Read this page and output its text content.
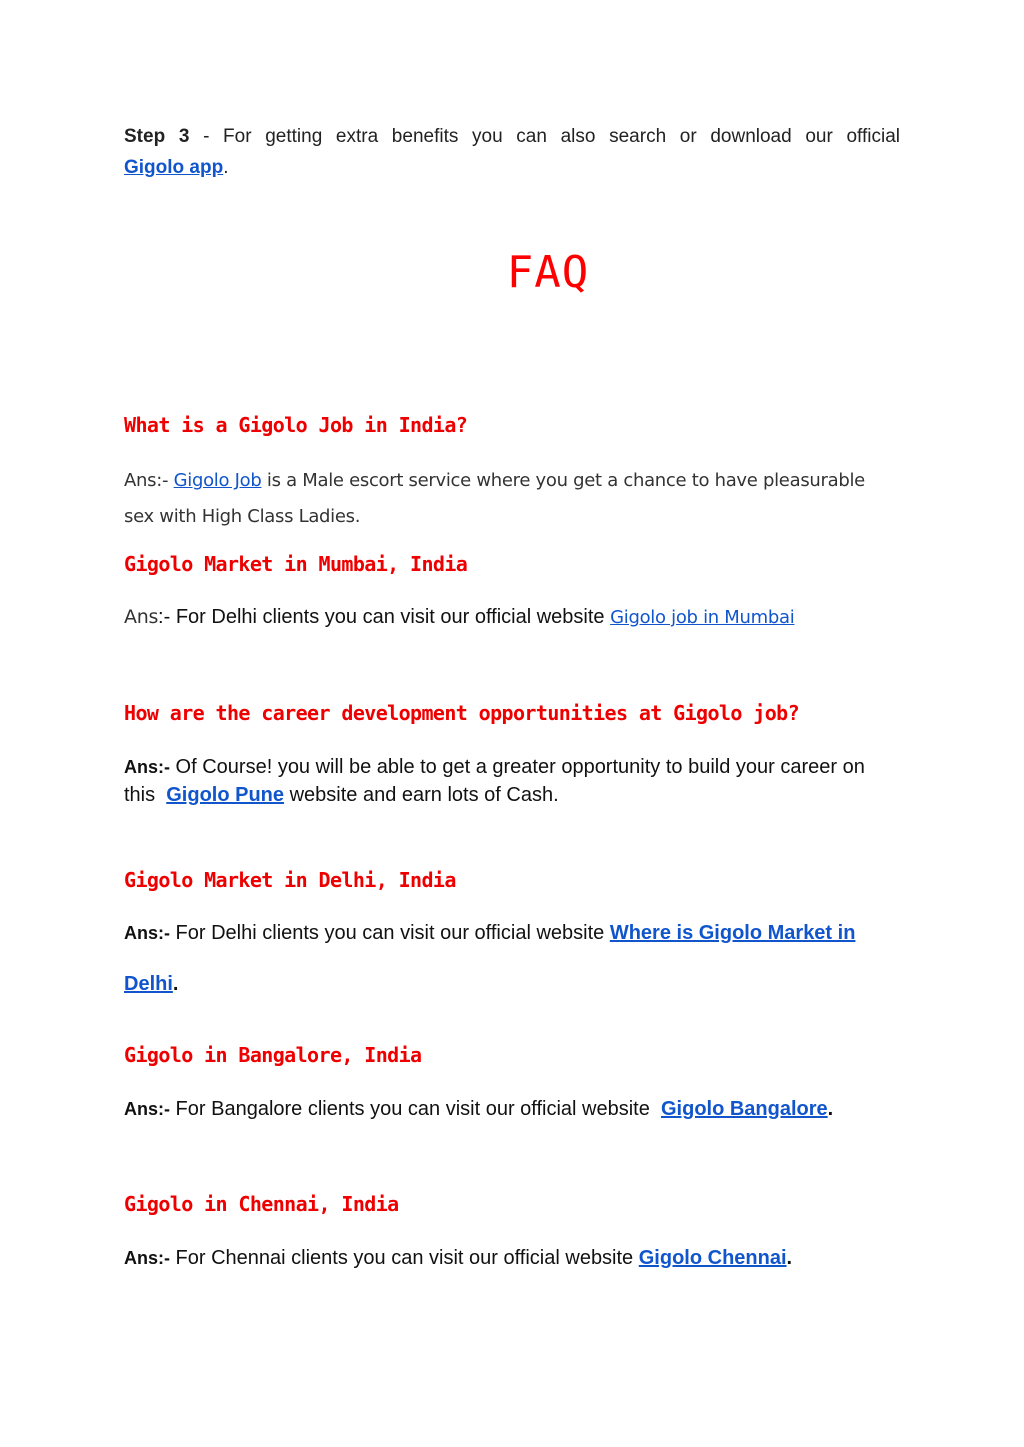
Step 3 - For getting extra benefits you can also search or download our official
Gigolo app.
FAQ
What is a Gigolo Job in India?
Ans:- Gigolo Job is a Male escort service where you get a chance to have pleasurable
sex with High Class Ladies.
Gigolo Market in Mumbai, India
Ans:- For Delhi clients you can visit our official website Gigolo job in Mumbai
How are the career development opportunities at Gigolo job?
Ans:- Of Course! you will be able to get a greater opportunity to build your career on
this  Gigolo Pune website and earn lots of Cash.
Gigolo Market in Delhi, India
Ans:- For Delhi clients you can visit our official website Where is Gigolo Market in
Delhi.
Gigolo in Bangalore, India
Ans:- For Bangalore clients you can visit our official website  Gigolo Bangalore.
Gigolo in Chennai, India
Ans:- For Chennai clients you can visit our official website Gigolo Chennai.
